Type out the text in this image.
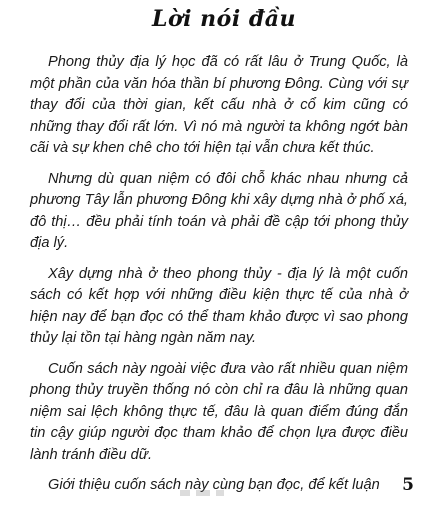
Lời nói đầu

Phong thủy địa lý học đã có rất lâu ở Trung Quốc, là một phần của văn hóa thần bí phương Đông. Cùng với sự thay đổi của thời gian, kết cấu nhà ở cổ kim cũng có những thay đổi rất lớn. Vì nó mà người ta không ngớt bàn cãi và sự khen chê cho tới hiện tại vẫn chưa kết thúc.

Nhưng dù quan niệm có đôi chỗ khác nhau nhưng cả phương Tây lẫn phương Đông khi xây dựng nhà ở phố xá, đô thị… đều phải tính toán và phải đề cập tới phong thủy địa lý.

Xây dựng nhà ở theo phong thủy - địa lý là một cuốn sách có kết hợp với những điều kiện thực tế của nhà ở hiện nay để bạn đọc có thể tham khảo được vì sao phong thủy lại tồn tại hàng ngàn năm nay.

Cuốn sách này ngoài việc đưa vào rất nhiều quan niệm phong thủy truyền thống nó còn chỉ ra đâu là những quan niệm sai lệch không thực tế, đâu là quan điểm đúng đắn tin cậy giúp người đọc tham khảo để chọn lựa được điều lành tránh điều dữ.

Giới thiệu cuốn sách này cùng bạn đọc, để kết luận	5
